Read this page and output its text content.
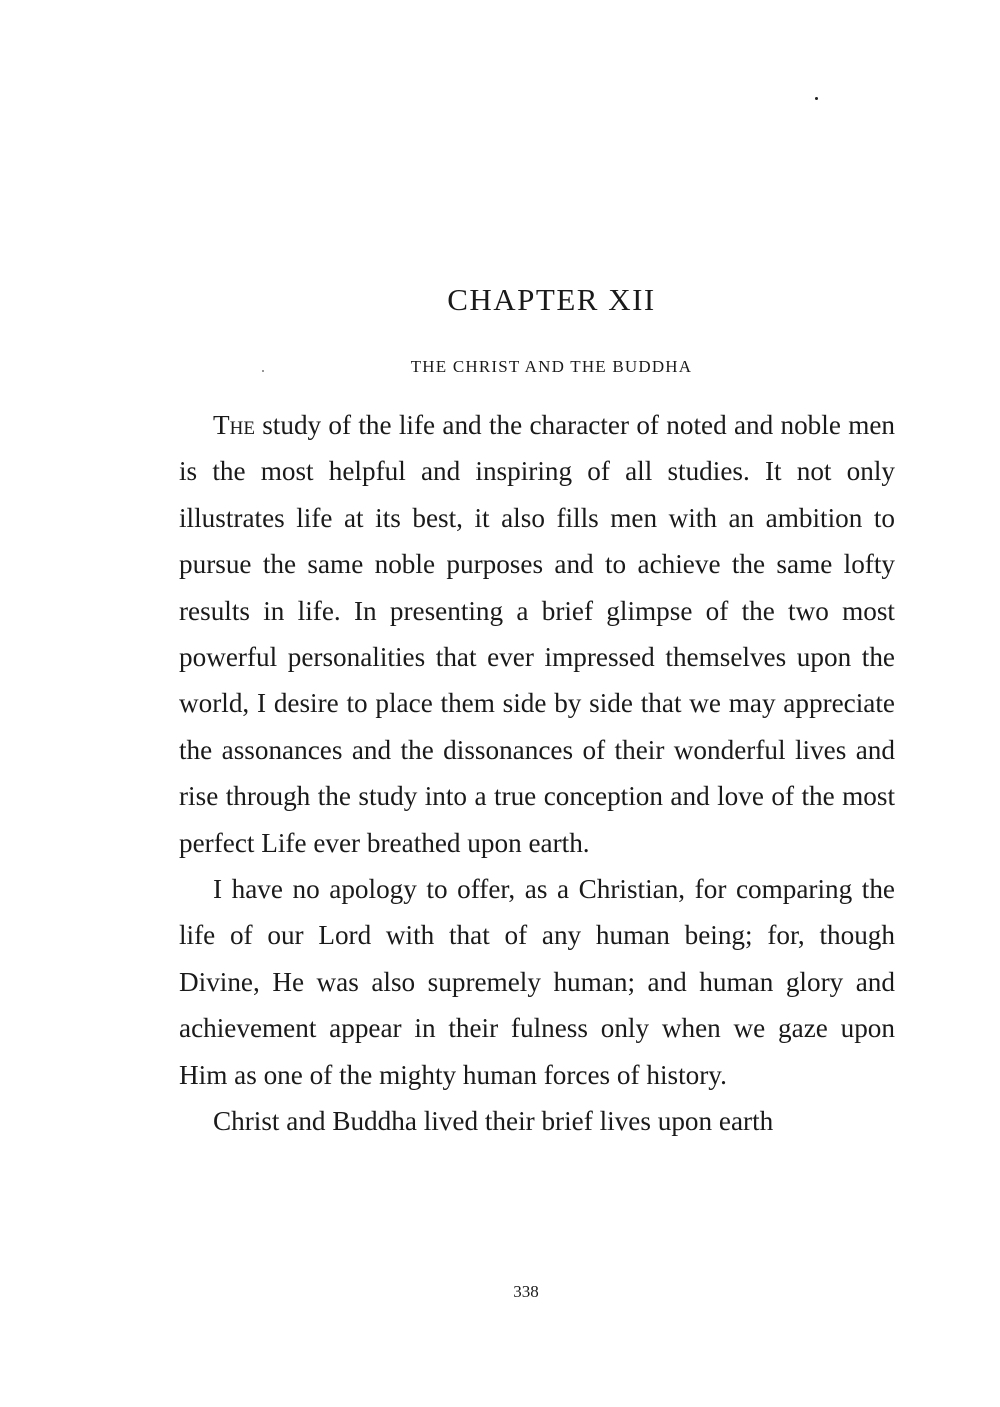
CHAPTER XII
THE CHRIST AND THE BUDDHA

The study of the life and the character of noted and noble men is the most helpful and inspiring of all studies. It not only illustrates life at its best, it also fills men with an ambition to pursue the same noble purposes and to achieve the same lofty results in life. In presenting a brief glimpse of the two most powerful personalities that ever impressed themselves upon the world, I desire to place them side by side that we may appreciate the assonances and the dissonances of their wonderful lives and rise through the study into a true conception and love of the most perfect Life ever breathed upon earth.

I have no apology to offer, as a Christian, for comparing the life of our Lord with that of any human being; for, though Divine, He was also supremely human; and human glory and achievement appear in their fulness only when we gaze upon Him as one of the mighty human forces of history.

Christ and Buddha lived their brief lives upon earth

338
